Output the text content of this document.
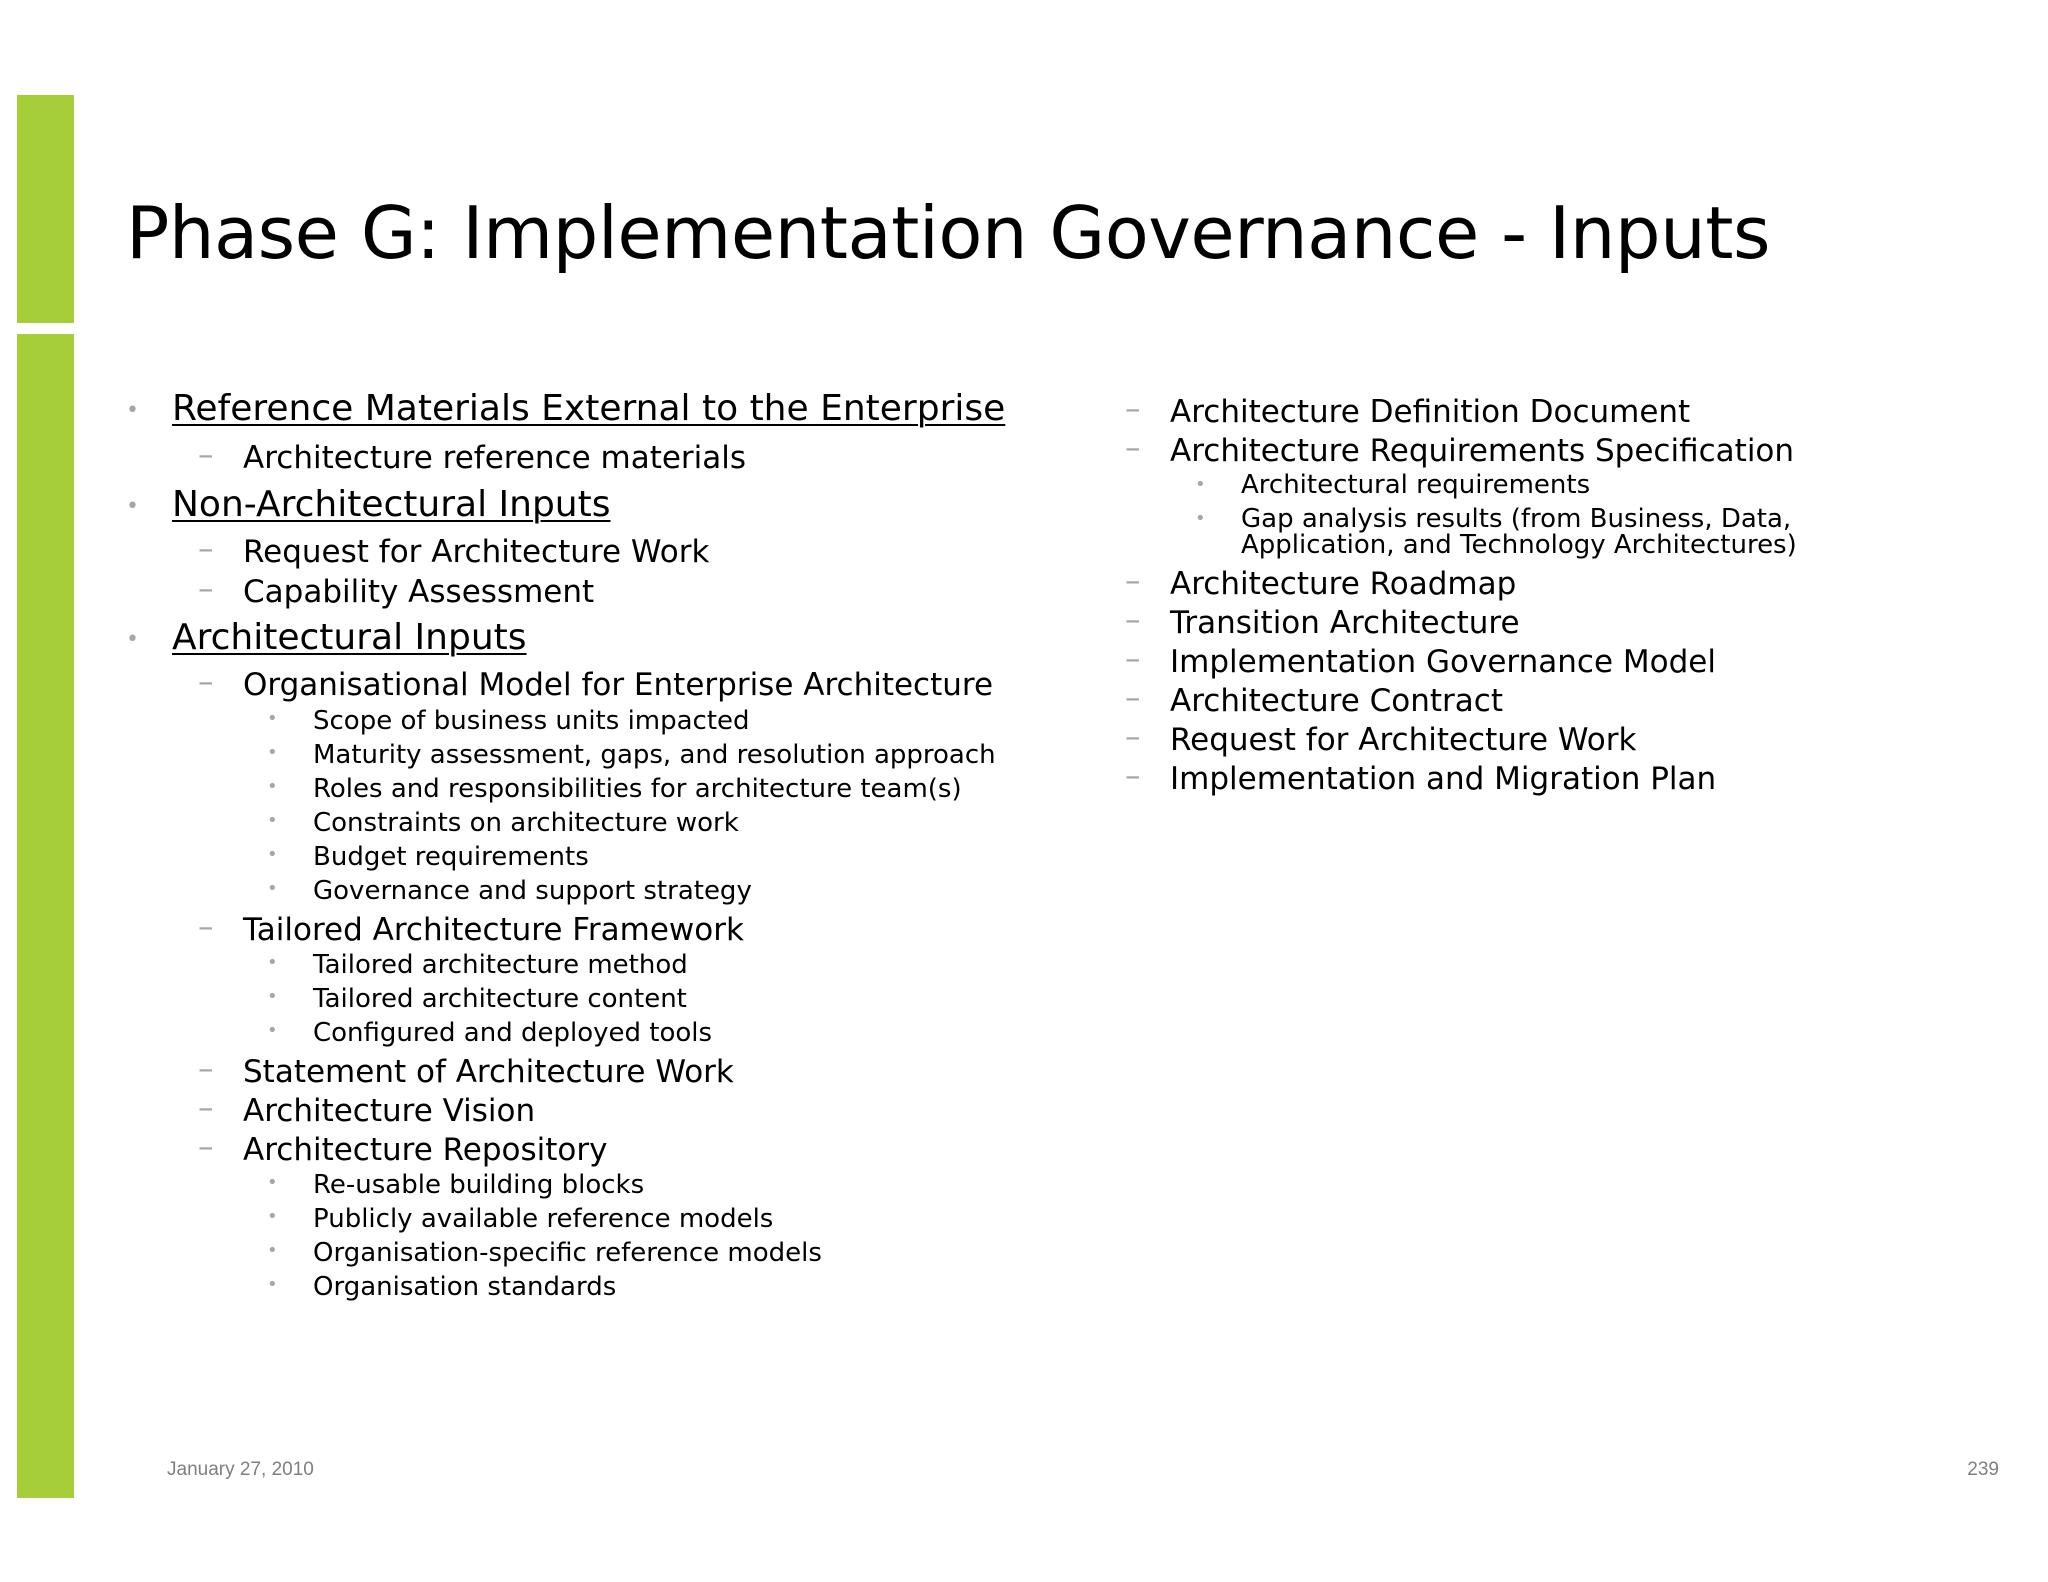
Phase G: Implementation Governance - Inputs
• Reference Materials External to the Enterprise
– Architecture reference materials
• Non-Architectural Inputs
– Request for Architecture Work
– Capability Assessment
• Architectural Inputs
– Organisational Model for Enterprise Architecture
• Scope of business units impacted
• Maturity assessment, gaps, and resolution approach
• Roles and responsibilities for architecture team(s)
• Constraints on architecture work
• Budget requirements
• Governance and support strategy
– Tailored Architecture Framework
• Tailored architecture method
• Tailored architecture content
• Configured and deployed tools
– Statement of Architecture Work
– Architecture Vision
– Architecture Repository
• Re-usable building blocks
• Publicly available reference models
• Organisation-specific reference models
• Organisation standards
– Architecture Definition Document
– Architecture Requirements Specification
• Architectural requirements
• Gap analysis results (from Business, Data, Application, and Technology Architectures)
– Architecture Roadmap
– Transition Architecture
– Implementation Governance Model
– Architecture Contract
– Request for Architecture Work
– Implementation and Migration Plan
January 27, 2010	239
